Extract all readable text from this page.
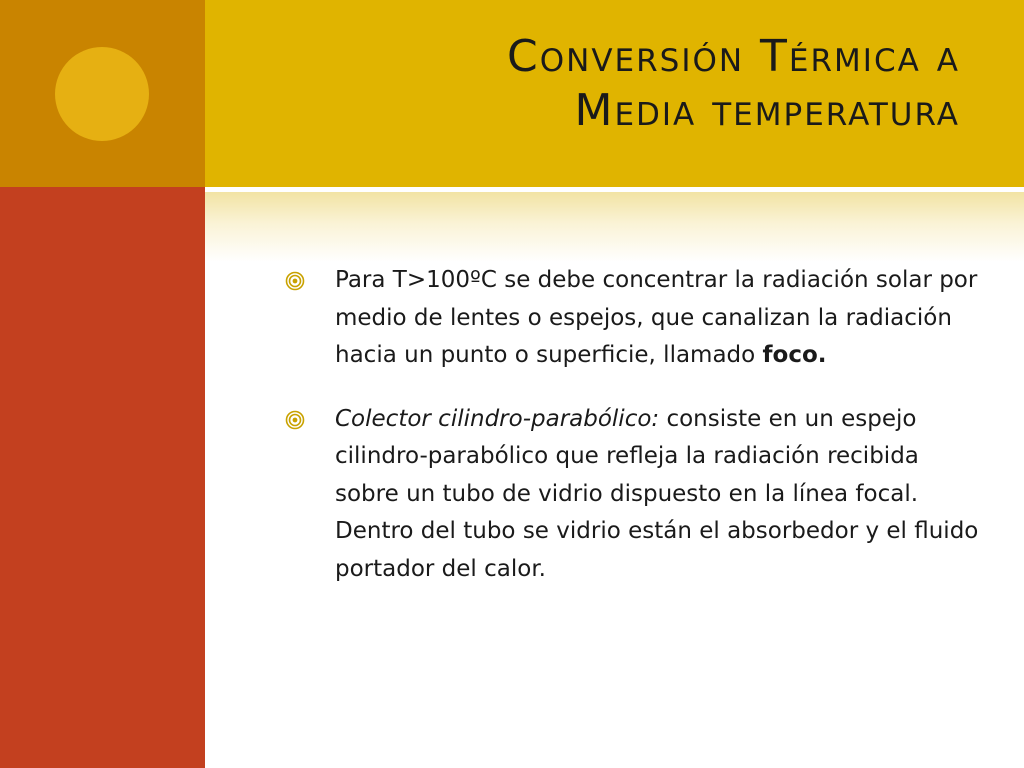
Conversión Térmica a
Media temperatura

Para T>100ºC se debe concentrar la radiación solar por medio de lentes o espejos, que canalizan la radiación hacia un punto o superficie, llamado foco.

Colector cilindro-parabólico: consiste en un espejo cilindro-parabólico que refleja la radiación recibida sobre un tubo de vidrio dispuesto en la línea focal. Dentro del tubo se vidrio están el absorbedor y el fluido portador del calor.
